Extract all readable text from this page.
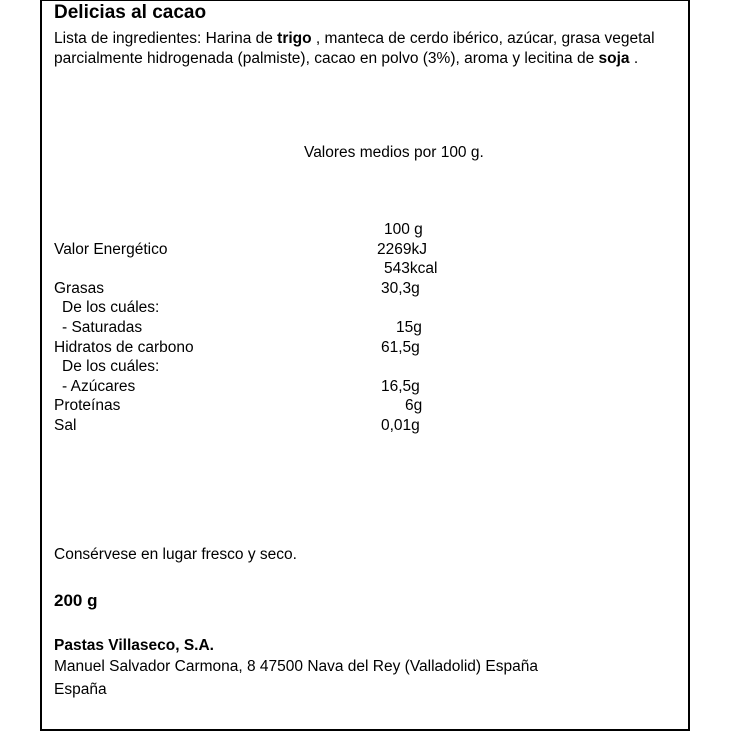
Delicias al cacao
Lista de ingredientes: Harina de trigo , manteca de cerdo ibérico, azúcar, grasa vegetal parcialmente hidrogenada (palmiste), cacao en polvo (3%), aroma y lecitina de soja .
Valores medios por 100 g.
100 g
Valor Energético	2269kJ
543kcal
Grasas	30,3g
De los cuáles:
- Saturadas	15g
Hidratos de carbono	61,5g
De los cuáles:
- Azúcares	16,5g
Proteínas	6g
Sal	0,01g
Consérvese en lugar fresco y seco.
200 g
Pastas Villaseco, S.A.
Manuel Salvador Carmona, 8 47500 Nava del Rey (Valladolid) España
España
